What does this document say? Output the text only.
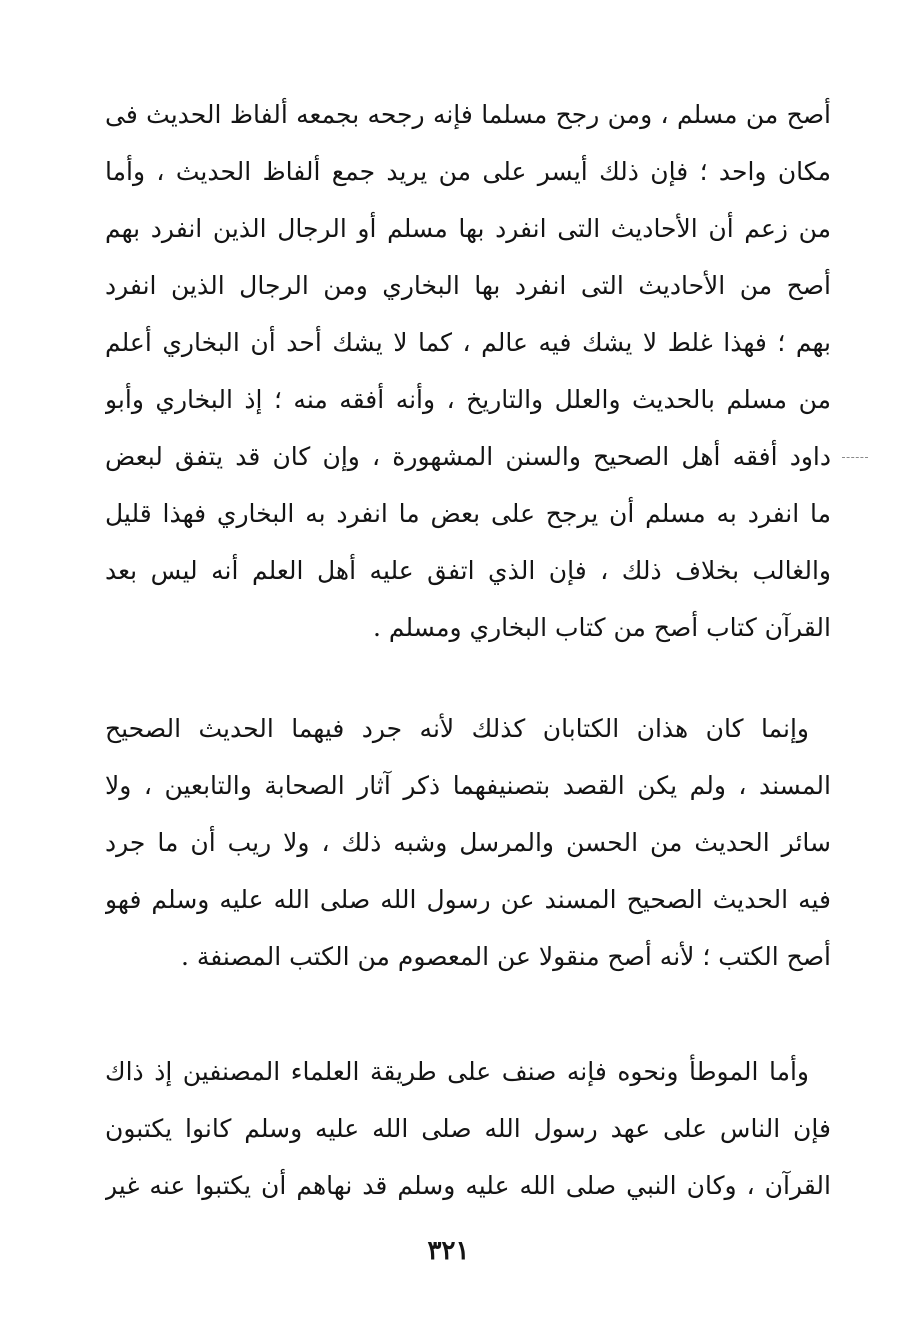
أصح من مسلم ، ومن رجح مسلما فإنه رجحه بجمعه ألفاظ الحديث فى
مكان واحد ؛ فإن ذلك أيسر على من يريد جمع ألفاظ الحديث ، وأما
من زعم أن الأحاديث التى انفرد بها مسلم أو الرجال الذين انفرد بهم
أصح من الأحاديث التى انفرد بها البخاري ومن الرجال الذين انفرد
بهم ؛ فهذا غلط لا يشك فيه عالم ، كما لا يشك أحد أن البخاري أعلم
من مسلم بالحديث والعلل والتاريخ ، وأنه أفقه منه ؛ إذ البخاري وأبو
داود أفقه أهل الصحيح والسنن المشهورة ، وإن كان قد يتفق لبعض
ما انفرد به مسلم أن يرجح على بعض ما انفرد به البخاري فهذا قليل
والغالب بخلاف ذلك ، فإن الذي اتفق عليه أهل العلم أنه ليس بعد
القرآن كتاب أصح من كتاب البخاري ومسلم .
وإنما كان هذان الكتابان كذلك لأنه جرد فيهما الحديث الصحيح
المسند ، ولم يكن القصد بتصنيفهما ذكر آثار الصحابة والتابعين ، ولا
سائر الحديث من الحسن والمرسل وشبه ذلك ، ولا ريب أن ما جرد
فيه الحديث الصحيح المسند عن رسول الله صلى الله عليه وسلم فهو
أصح الكتب ؛ لأنه أصح منقولا عن المعصوم من الكتب المصنفة .
وأما الموطأ ونحوه فإنه صنف على طريقة العلماء المصنفين إذ ذاك
فإن الناس على عهد رسول الله صلى الله عليه وسلم كانوا يكتبون
القرآن ، وكان النبي صلى الله عليه وسلم قد نهاهم أن يكتبوا عنه غير
٣٢١
